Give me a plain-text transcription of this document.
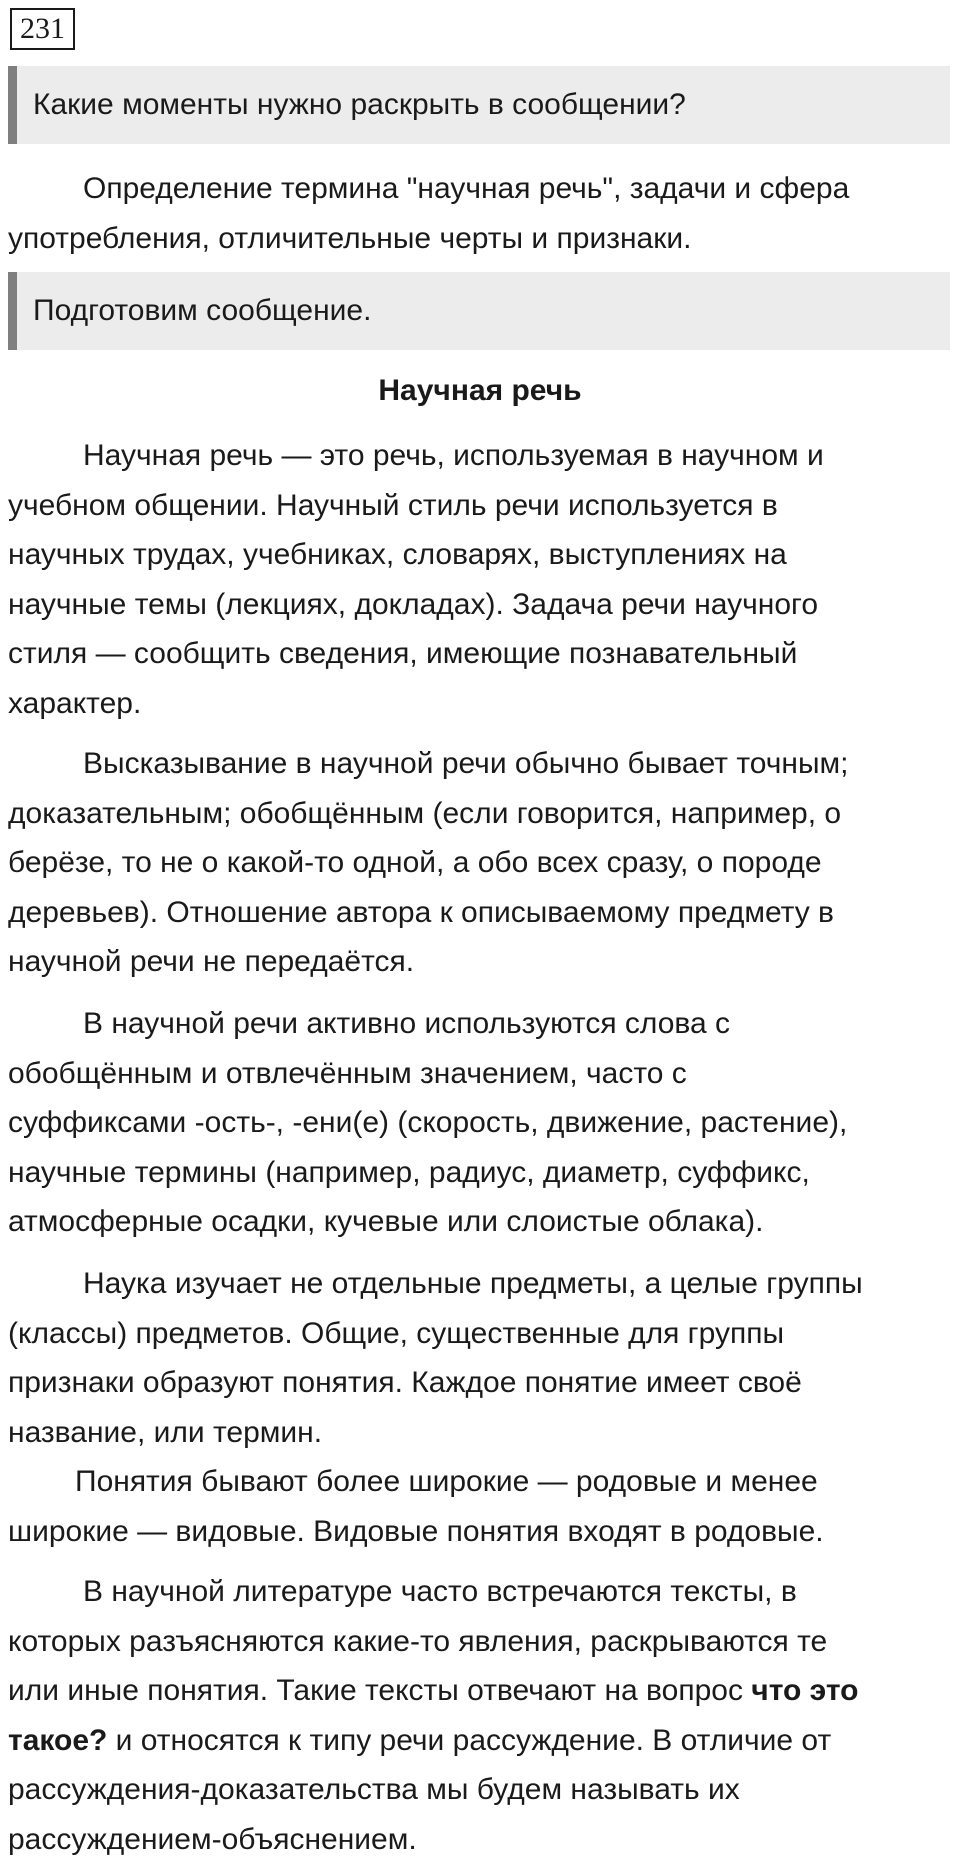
231
Какие моменты нужно раскрыть в сообщении?

Определение термина "научная речь", задачи и сфера
употребления, отличительные черты и признаки.

Подготовим сообщение.
Научная речь

Научная речь — это речь, используемая в научном и
учебном общении. Научный стиль речи используется в
научных трудах, учебниках, словарях, выступлениях на
научные темы (лекциях, докладах). Задача речи научного
стиля — сообщить сведения, имеющие познавательный
характер.

Высказывание в научной речи обычно бывает точным;
доказательным; обобщённым (если говорится, например, о
берёзе, то не о какой-то одной, а обо всех сразу, о породе
деревьев). Отношение автора к описываемому предмету в
научной речи не передаётся.

В научной речи активно используются слова с
обобщённым и отвлечённым значением, часто с
суффиксами -ость-, -ени(е) (скорость, движение, растение),
научные термины (например, радиус, диаметр, суффикс,
атмосферные осадки, кучевые или слоистые облака).

Наука изучает не отдельные предметы, а целые группы
(классы) предметов. Общие, существенные для группы
признаки образуют понятия. Каждое понятие имеет своё
название, или термин.

Понятия бывают более широкие — родовые и менее
широкие — видовые. Видовые понятия входят в родовые.

В научной литературе часто встречаются тексты, в
которых разъясняются какие-то явления, раскрываются те
или иные понятия. Такие тексты отвечают на вопрос что это
такое? и относятся к типу речи рассуждение. В отличие от
рассуждения-доказательства мы будем называть их
рассуждением-объяснением.
